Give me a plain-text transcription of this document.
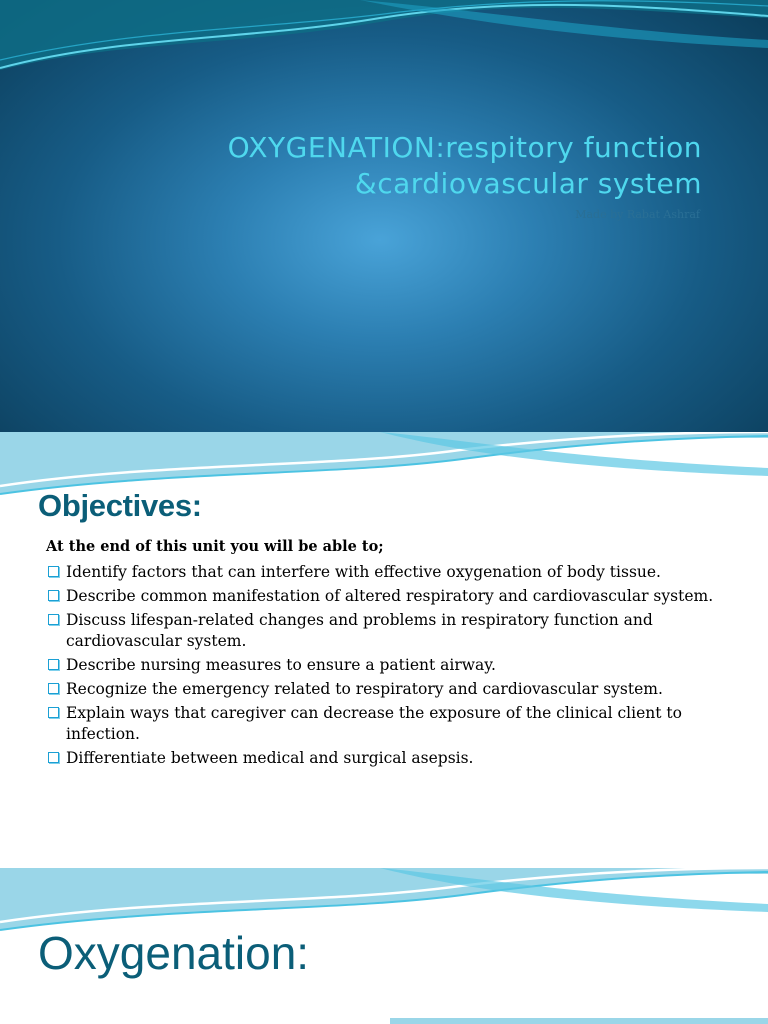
OXYGENATION:respitory function &cardiovascular system
Made by Rabat Ashraf
Objectives:
At the end of this unit you will be able to;
Identify factors that can interfere with effective oxygenation of body tissue.
Describe common manifestation of altered respiratory and cardiovascular system.
Discuss lifespan-related changes and problems in respiratory function and cardiovascular system.
Describe nursing measures to ensure a patient airway.
Recognize the emergency related to respiratory and cardiovascular system.
Explain ways that caregiver can decrease the exposure of the clinical client to infection.
Differentiate between medical and surgical asepsis.
Oxygenation:
